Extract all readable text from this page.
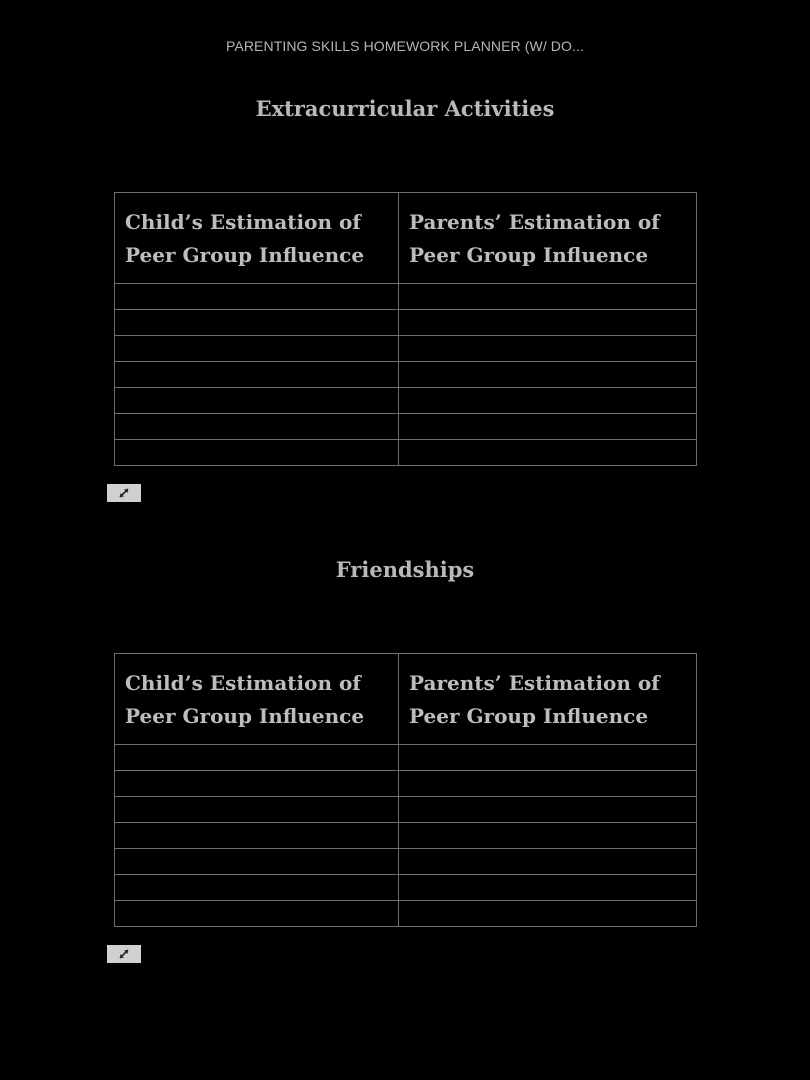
PARENTING SKILLS HOMEWORK PLANNER (W/ DO...
Extracurricular Activities
Child’s Estimation of Peer Group Influence	Parents’ Estimation of Peer Group Influence

Friendships
Child’s Estimation of Peer Group Influence	Parents’ Estimation of Peer Group Influence
